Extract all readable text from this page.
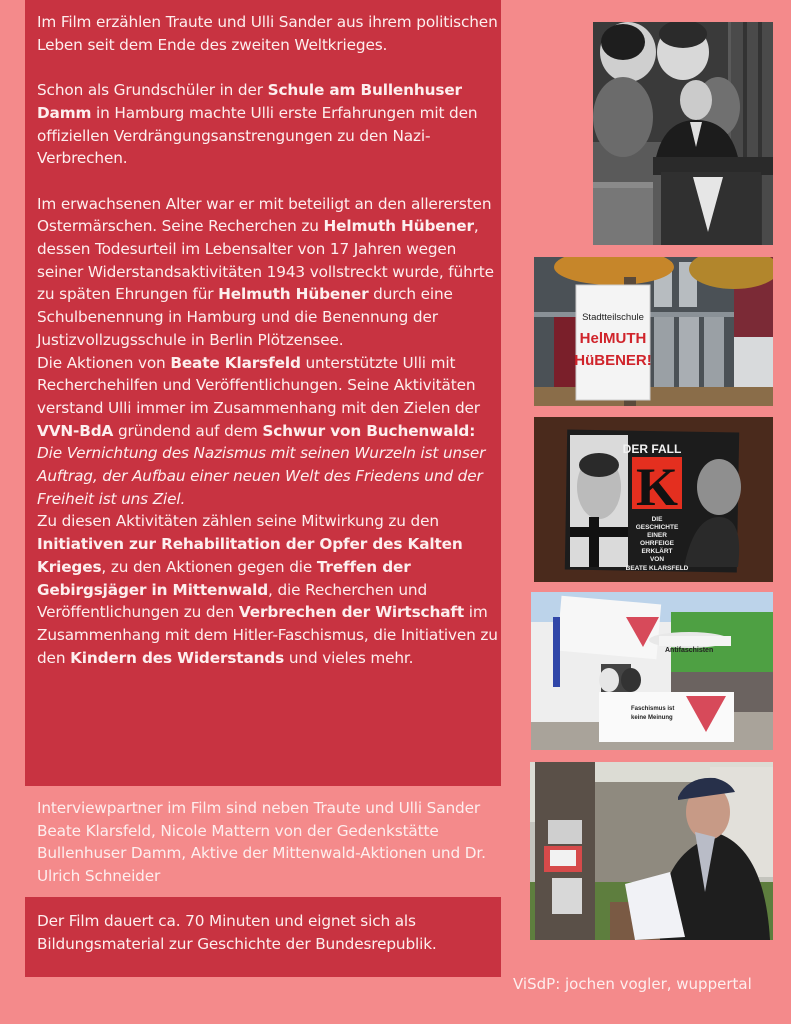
Im Film erzählen Traute und Ulli Sander aus ihrem politischen Leben seit dem Ende des zweiten Weltkrieges.

Schon als Grundschüler in der Schule am Bullenhuser Damm in Hamburg machte Ulli erste Erfahrungen mit den offiziellen Verdrängungsanstrengungen zu den Nazi-Verbrechen.

Im erwachsenen Alter war er mit beteiligt an den allerersten Ostermärschen. Seine Recherchen zu Helmuth Hübener, dessen Todesurteil im Lebensalter von 17 Jahren wegen seiner Widerstandsaktivitäten 1943 vollstreckt wurde, führte zu späten Ehrungen für Helmuth Hübener durch eine Schulbenennung in Hamburg und die Benennung der Justizvollzugsschule in Berlin Plötzensee.

Die Aktionen von Beate Klarsfeld unterstützte Ulli mit Recherchehilfen und Veröffentlichungen. Seine Aktivitäten verstand Ulli immer im Zusammenhang mit den Zielen der VVN-BdA gründend auf dem Schwur von Buchenwald:
Die Vernichtung des Nazismus mit seinen Wurzeln ist unser Auftrag, der Aufbau einer neuen Welt des Friedens und der Freiheit ist uns Ziel.

Zu diesen Aktivitäten zählen seine Mitwirkung zu den Initiativen zur Rehabilitation der Opfer des Kalten Krieges, zu den Aktionen gegen die Treffen der Gebirgsjäger in Mittenwald, die Recherchen und Veröffentlichungen zu den Verbrechen der Wirtschaft im Zusammenhang mit dem Hitler-Faschismus, die Initiativen zu den Kindern des Widerstands und vieles mehr.

Interviewpartner im Film sind neben Traute und Ulli Sander Beate Klarsfeld, Nicole Mattern von der Gedenkstätte Bullenhuser Damm, Aktive der Mittenwald-Aktionen und Dr. Ulrich Schneider

Der Film dauert ca. 70 Minuten und eignet sich als Bildungsmaterial zur Geschichte der Bundesrepublik.

ViSdP: jochen vogler, wuppertal
Stadtteilschule
HelMUTH
HüBENER!
DER FALL
K
DIE
GESCHICHTE
EINER
OHRFEIGE
ERKLÄRT
VON
BEATE KLARSFELD
Faschismus ist
keine Meinung
Antifaschisten
